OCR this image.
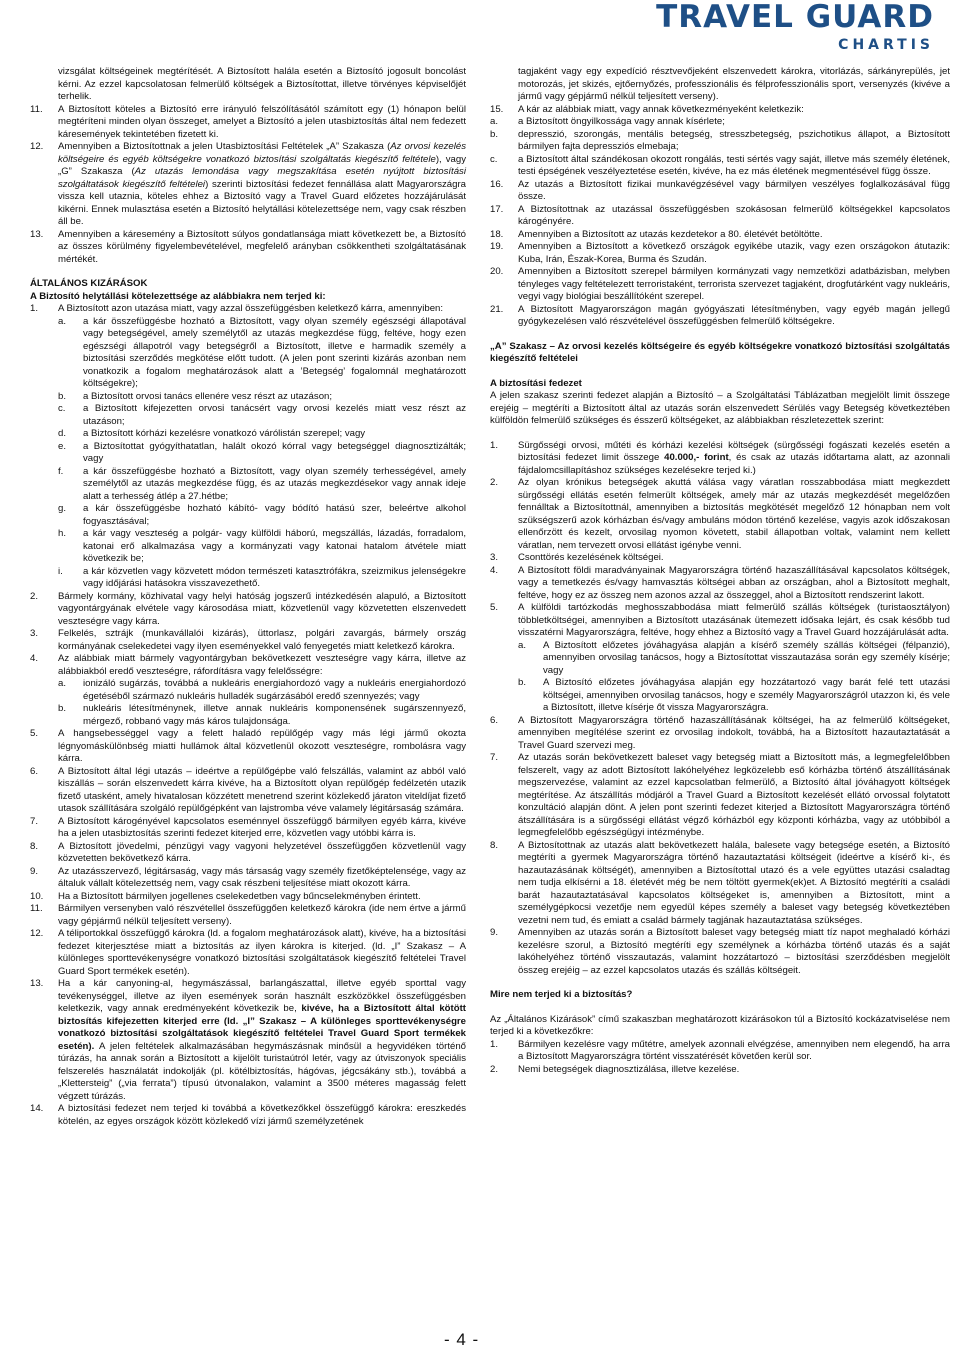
TRAVEL GUARD
CHARTIS
vizsgálat költségeinek megtérítését. A Biztosított halála esetén a Biztosító jogosult boncolást kérni. Az ezzel kapcsolatosan felmerülő költségek a Biztosítottat, illetve törvényes képviselőjét terhelik.
11.	A Biztosított köteles a Biztosító erre irányuló felszólításától számított egy (1) hónapon belül megtéríteni minden olyan összeget, amelyet a Biztosító a jelen utasbiztosítás által nem fedezett káresemények tekintetében fizetett ki.
12.	Amennyiben a Biztosítottnak a jelen Utasbiztosítási Feltételek „A” Szakasza (Az orvosi kezelés költségeire és egyéb költségekre vonatkozó biztosítási szolgáltatás kiegészítő feltétele), vagy „G” Szakasza (Az utazás lemondása vagy megszakítása esetén nyújtott biztosítási szolgáltatások kiegészítő feltételei) szerinti biztosítási fedezet fennállása alatt Magyarországra vissza kell utaznia, köteles ehhez a Biztosító vagy a Travel Guard előzetes hozzájárulását kikérni. Ennek mulasztása esetén a Biztosító helytállási kötelezettsége nem, vagy csak részben áll be.
13.	Amennyiben a káresemény a Biztosított súlyos gondatlansága miatt következett be, a Biztosító az összes körülmény figyelembevételével, megfelelő arányban csökkentheti szolgáltatásának mértékét.
ÁLTALÁNOS KIZÁRÁSOK
A Biztosító helytállási kötelezettsége az alábbiakra nem terjed ki:
1.	A Biztosított azon utazása miatt, vagy azzal összefüggésben keletkező kárra, amennyiben:
a.	a kár összefüggésbe hozható a Biztosított, vagy olyan személy egészségi állapotával vagy betegségével, amely személytől az utazás megkezdése függ, feltéve, hogy ezen egészségi állapotról vagy betegségről a Biztosított, illetve e harmadik személy a biztosítási szerződés megkötése előtt tudott. (A jelen pont szerinti kizárás azonban nem vonatkozik a fogalom meghatározások alatt a ’Betegség’ fogalomnál meghatározott költségekre);
b.	a Biztosított orvosi tanács ellenére vesz részt az utazáson;
c.	a Biztosított kifejezetten orvosi tanácsért vagy orvosi kezelés miatt vesz részt az utazáson;
d.	a Biztosított kórházi kezelésre vonatkozó várólistán szerepel; vagy
e.	a Biztosítottat gyógyíthatatlan, halált okozó kórral vagy betegséggel diagnosztizálták; vagy
f.	a kár összefüggésbe hozható a Biztosított, vagy olyan személy terhességével, amely személytől az utazás megkezdése függ, és az utazás megkezdésekor vagy annak ideje alatt a terhesség átlép a 27.hétbe;
g.	a kár összefüggésbe hozható kábító- vagy bódító hatású szer, beleértve alkohol fogyasztásával;
h.	a kár vagy veszteség a polgár- vagy külföldi háború, megszállás, lázadás, forradalom, katonai erő alkalmazása vagy a kormányzati vagy katonai hatalom átvétele miatt következik be;
i.	a kár közvetlen vagy közvetett módon természeti katasztrófákra, szeizmikus jelenségekre vagy időjárási hatásokra visszavezethető.
2.	Bármely kormány, közhivatal vagy helyi hatóság jogszerű intézkedésén alapuló, a Biztosított vagyontárgyának elvétele vagy károsodása miatt, közvetlenül vagy közvetetten elszenvedett veszteségre vagy kárra.
3.	Felkelés, sztrájk (munkavállalói kizárás), üttorlasz, polgári zavargás, bármely ország kormányának cselekedetei vagy ilyen eseményekkel való fenyegetés miatt keletkező károkra.
4.	Az alábbiak miatt bármely vagyontárgyban bekövetkezett veszteségre vagy kárra, illetve az alábbiakból eredő veszteségre, ráfordításra vagy felelősségre:
a.	ionizáló sugárzás, továbbá a nukleáris energiahordozó vagy a nukleáris energiahordozó égetéséből származó nukleáris hulladék sugárzásából eredő szennyezés; vagy
b.	nukleáris létesítménynek, illetve annak nukleáris komponensének sugárszennyező, mérgező, robbanó vagy más káros tulajdonsága.
5.	A hangsebességgel vagy a felett haladó repülőgép vagy más légi jármű okozta légnyomáskülönbség miatti hullámok által közvetlenül okozott veszteségre, rombolásra vagy kárra.
6.	A Biztosított által légi utazás – ideértve a repülőgépbe való felszállás, valamint az abból való kiszállás – során elszenvedett kárra kivéve, ha a Biztosított olyan repülőgép fedélzetén utazik fizető utasként, amely hivatalosan közzétett menetrend szerint közlekedő járaton viteldíjat fizető utasok szállítására szolgáló repülőgépként van lajstromba véve valamely légitársaság számára.
7.	A Biztosított károgényével kapcsolatos eseménnyel összefüggő bármilyen egyéb kárra, kivéve ha a jelen utasbiztosítás szerinti fedezet kiterjed erre, közvetlen vagy utóbbi kárra is.
8.	A Biztosított jövedelmi, pénzügyi vagy vagyoni helyzetével összefüggően közvetlenül vagy közvetetten bekövetkező kárra.
9.	Az utazásszervező, légitársaság, vagy más társaság vagy személy fizetőképtelensége, vagy az általuk vállalt kötelezettség nem, vagy csak részbeni teljesítése miatt okozott kárra.
10.	Ha a Biztosított bármilyen jogellenes cselekedetben vagy bűncselekményben érintett.
11.	Bármilyen versenyben való részvétellel összefüggően keletkező károkra (ide nem értve a jármű vagy gépjármű nélkül teljesített verseny).
12.	A téliportokkal összefüggő károkra (ld. a fogalom meghatározások alatt), kivéve, ha a biztosítási fedezet kiterjesztése miatt a biztosítás az ilyen károkra is kiterjed. (ld. „I” Szakasz – A különleges sporttevékenységre vonatkozó biztosítási szolgáltatások kiegészítő feltételei Travel Guard Sport termékek esetén).
13.	Ha a kár canyoning-al, hegymászással, barlangászattal, illetve egyéb sporttal vagy tevékenységgel, illetve az ilyen események során használt eszközökkel összefüggésben keletkezik, vagy annak eredményeként következik be, kivéve, ha a Biztosított által kötött biztosítás kifejezetten kiterjed erre (ld. „I” Szakasz – A különleges sporttevékenységre vonatkozó biztosítási szolgáltatások kiegészítő feltételei Travel Guard Sport termékek esetén). A jelen feltételek alkalmazásában hegymászásnak minősül a hegyvidéken történő túrázás, ha annak során a Biztosított a kijelölt turistaútról letér, vagy az útviszonyok speciális felszerelés használatát indokolják (pl. kötélbiztosítás, hágóvas, jégcsákány stb.), továbbá a „Klettersteig” („via ferrata”) típusú útvonalakon, valamint a 3500 méteres magasság felett végzett túrázás.
14.	A biztosítási fedezet nem terjed ki továbbá a következőkkel összefüggő károkra: ereszkedés kötelén, az egyes országok között közlekedő vízi jármű személyzetének
tagjaként vagy egy expedíció résztvevőjeként elszenvedett károkra, vitorlázás, sárkányrepülés, jet motorozás, jet skizés, ejtőernyőzés, professzionális és félprofesszionális sport, versenyzés (kivéve a jármű vagy gépjármű nélkül teljesített verseny).
15.	A kár az alábbiak miatt, vagy annak következményeként keletkezik:
a.	a Biztosított öngyilkossága vagy annak kísérlete;
b.	depresszió, szorongás, mentális betegség, stresszbetegség, pszichotikus állapot, a Biztosított bármilyen fajta depressziós elmebaja;
c.	a Biztosított által szándékosan okozott rongálás, testi sértés vagy saját, illetve más személy életének, testi épségének veszélyeztetése esetén, kivéve, ha ez más életének megmentésével függ össze.
16.	Az utazás a Biztosított fizikai munkavégzésével vagy bármilyen veszélyes foglalkozásával függ össze.
17.	A Biztosítottnak az utazással összefüggésben szokásosan felmerülő költségekkel kapcsolatos károgényére.
18.	Amennyiben a Biztosított az utazás kezdetekor a 80. életévét betöltötte.
19.	Amennyiben a Biztosított a következő országok egyikébe utazik, vagy ezen országokon átutazik: Kuba, Irán, Észak-Korea, Burma és Szudán.
20.	Amennyiben a Biztosított szerepel bármilyen kormányzati vagy nemzetközi adatbázisban, melyben tényleges vagy feltételezett terroristaként, terrorista szervezet tagjaként, drogfutárként vagy nukleáris, vegyi vagy biológiai beszállítóként szerepel.
21.	A Biztosított Magyarországon magán gyógyászati létesítményben, vagy egyéb magán jellegű gyógykezelésen való részvételével összefüggésben felmerülő költségekre.
„A” Szakasz – Az orvosi kezelés költségeire és egyéb költségekre vonatkozó biztosítási szolgáltatás kiegészítő feltételei
A biztosítási fedezet
A jelen szakasz szerinti fedezet alapján a Biztosító – a Szolgáltatási Táblázatban megjelölt limit összege erejéig – megtéríti a Biztosított által az utazás során elszenvedett Sérülés vagy Betegség következtében külföldön felmerülő szükséges és ésszerű költségeket, az alábbiakban részletezettek szerint:
1.	Sürgősségi orvosi, műtéti és kórházi kezelési költségek (sürgősségi fogászati kezelés esetén a biztosítási fedezet limit összege 40.000,- forint, és csak az utazás időtartama alatt, az azonnali fájdalomcsillapításhoz szükséges kezelésekre terjed ki.)
2.	Az olyan krónikus betegségek akuttá válása vagy váratlan rosszabbodása miatt megkezdett sürgősségi ellátás esetén felmerült költségek, amely már az utazás megkezdését megelőzően fennálltak a Biztosítottnál, amennyiben a biztosítás megkötését megelőző 12 hónapban nem volt szükségszerű azok kórházban és/vagy ambuláns módon történő kezelése, vagyis azok időszakosan ellenőrzött és kezelt, orvosilag nyomon követett, stabil állapotban voltak, valamint nem kellett váratlan, nem tervezett orvosi ellátást igénybe venni.
3.	Csonttörés kezelésének költségei.
4.	A Biztosított földi maradványainak Magyarországra történő hazaszállításával kapcsolatos költségek, vagy a temetkezés és/vagy hamvasztás költségei abban az országban, ahol a Biztosított meghalt, feltéve, hogy ez az összeg nem azonos azzal az összeggel, ahol a Biztosított rendszerint lakott.
5.	A külföldi tartózkodás meghosszabbodása miatt felmerülő szállás költségek (turistaosztályon) többletköltségei, amennyiben a Biztosított utazásának ütemezett idősaka lejárt, és csak később tud visszatérni Magyarországra, feltéve, hogy ehhez a Biztosító vagy a Travel Guard hozzájárulását adta.
a.	A Biztosított előzetes jóváhagyása alapján a kísérő személy szállás költségei (félpanzió), amennyiben orvosilag tanácsos, hogy a Biztosítottat visszautazása során egy személy kísérje; vagy
b.	A Biztosító előzetes jóváhagyása alapján egy hozzátartozó vagy barát felé tett utazási költségei, amennyiben orvosilag tanácsos, hogy e személy Magyarországról utazzon ki, és vele a Biztosított, illetve kísérje őt vissza Magyarországra.
6.	A Biztosított Magyarországra történő hazaszállításának költségei, ha az felmerülő költségeket, amennyiben megítélése szerint ez orvosilag indokolt, továbbá, ha a Biztosított hazautaztatását a Travel Guard szervezi meg.
7.	Az utazás során bekövetkezett baleset vagy betegség miatt a Biztosított más, a legmegfelelőbben felszerelt, vagy az adott Biztosított lakóhelyéhez legközelebb eső kórházba történő átszállításának megszervezése, valamint az ezzel kapcsolatban felmerülő, a Biztosító által jóváhagyott költségek megtérítése. Az átszállítás módjáról a Travel Guard a Biztosított kezelését ellátó orvossal folytatott konzultáció alapján dönt. A jelen pont szerinti fedezet kiterjed a Biztosított Magyarországra történő átszállítására is a sürgősségi ellátást végző kórházból egy központi kórházba, vagy az utóbbiból a legmegfelelőbb egészségügyi intézménybe.
8.	A Biztosítottnak az utazás alatt bekövetkezett halála, balesete vagy betegsége esetén, a Biztosító megtéríti a gyermek Magyarországra történő hazautaztatási költségeit (ideértve a kísérő ki-, és hazautazásának költségét), amennyiben a Biztosítottal utazó és a vele együttes utazási csaladtag nem tudja elkísérni a 18. életévét még be nem töltött gyermek(ek)et. A Biztosító megtéríti a családi barát hazautaztatásával kapcsolatos költségeket is, amennyiben a Biztosított, mint a személygépkocsi vezetője nem egyedül képes személy a baleset vagy betegség következtében vezetni nem tud, és emiatt a család bármely tagjának hazautaztatása szükséges.
9.	Amennyiben az utazás során a Biztosított baleset vagy betegség miatt tíz napot meghaladó kórházi kezelésre szorul, a Biztosító megtéríti egy személynek a kórházba történő utazás és a saját lakóhelyéhez történő visszautazás, valamint hozzátartozó – biztosítási szerződésben megjelölt összeg erejéig – az ezzel kapcsolatos utazás és szállás költségeit.
Mire nem terjed ki a biztosítás?
Az „Általános Kizárások” című szakaszban meghatározott kizárásokon túl a Biztosító kockázatviselése nem terjed ki a következőkre:
1.	Bármilyen kezelésre vagy műtétre, amelyek azonnali elvégzése, amennyiben nem elegendő, ha arra a Biztosított Magyarországra történt visszatérését követően kerül sor.
2.	Nemi betegségek diagnosztizálása, illetve kezelése.
- 4 -
